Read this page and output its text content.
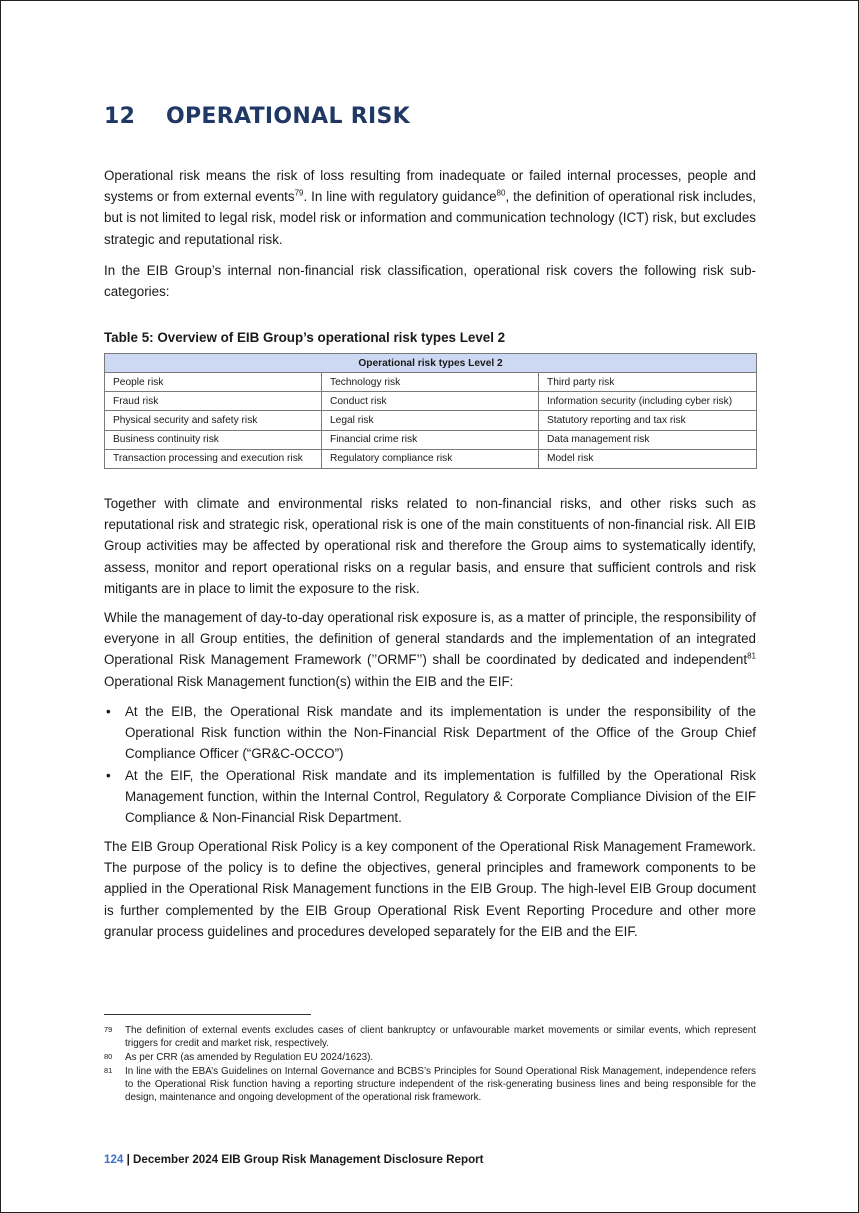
12 OPERATIONAL RISK

Operational risk means the risk of loss resulting from inadequate or failed internal processes, people and systems or from external events$^{79}$. In line with regulatory guidance$^{80}$, the definition of operational risk includes, but is not limited to legal risk, model risk or information and communication technology (ICT) risk, but excludes strategic and reputational risk.

In the EIB Group’s internal non-financial risk classification, operational risk covers the following risk sub-categories:

Table 5: Overview of EIB Group’s operational risk types Level 2
Operational risk types Level 2		
People risk	Technology risk	Third party risk
Fraud risk	Conduct risk	Information security (including cyber risk)
Physical security and safety risk	Legal risk	Statutory reporting and tax risk
Business continuity risk	Financial crime risk	Data management risk
Transaction processing and execution risk	Regulatory compliance risk	Model risk

Together with climate and environmental risks related to non-financial risks, and other risks such as reputational risk and strategic risk, operational risk is one of the main constituents of non-financial risk. All EIB Group activities may be affected by operational risk and therefore the Group aims to systematically identify, assess, monitor and report operational risks on a regular basis, and ensure that sufficient controls and risk mitigants are in place to limit the exposure to the risk.

While the management of day-to-day operational risk exposure is, as a matter of principle, the responsibility of everyone in all Group entities, the definition of general standards and the implementation of an integrated Operational Risk Management Framework (’’ORMF’’) shall be coordinated by dedicated and independent$^{81}$ Operational Risk Management function(s) within the EIB and the EIF:

• At the EIB, the Operational Risk mandate and its implementation is under the responsibility of the Operational Risk function within the Non-Financial Risk Department of the Office of the Group Chief Compliance Officer (“GR&C-OCCO”)
• At the EIF, the Operational Risk mandate and its implementation is fulfilled by the Operational Risk Management function, within the Internal Control, Regulatory & Corporate Compliance Division of the EIF Compliance & Non-Financial Risk Department.

The EIB Group Operational Risk Policy is a key component of the Operational Risk Management Framework. The purpose of the policy is to define the objectives, general principles and framework components to be applied in the Operational Risk Management functions in the EIB Group. The high-level EIB Group document is further complemented by the EIB Group Operational Risk Event Reporting Procedure and other more granular process guidelines and procedures developed separately for the EIB and the EIF.

79 The definition of external events excludes cases of client bankruptcy or unfavourable market movements or similar events, which represent triggers for credit and market risk, respectively.
80 As per CRR (as amended by Regulation EU 2024/1623).
81 In line with the EBA’s Guidelines on Internal Governance and BCBS’s Principles for Sound Operational Risk Management, independence refers to the Operational Risk function having a reporting structure independent of the risk-generating business lines and being responsible for the design, maintenance and ongoing development of the operational risk framework.
124 | December 2024 EIB Group Risk Management Disclosure Report
